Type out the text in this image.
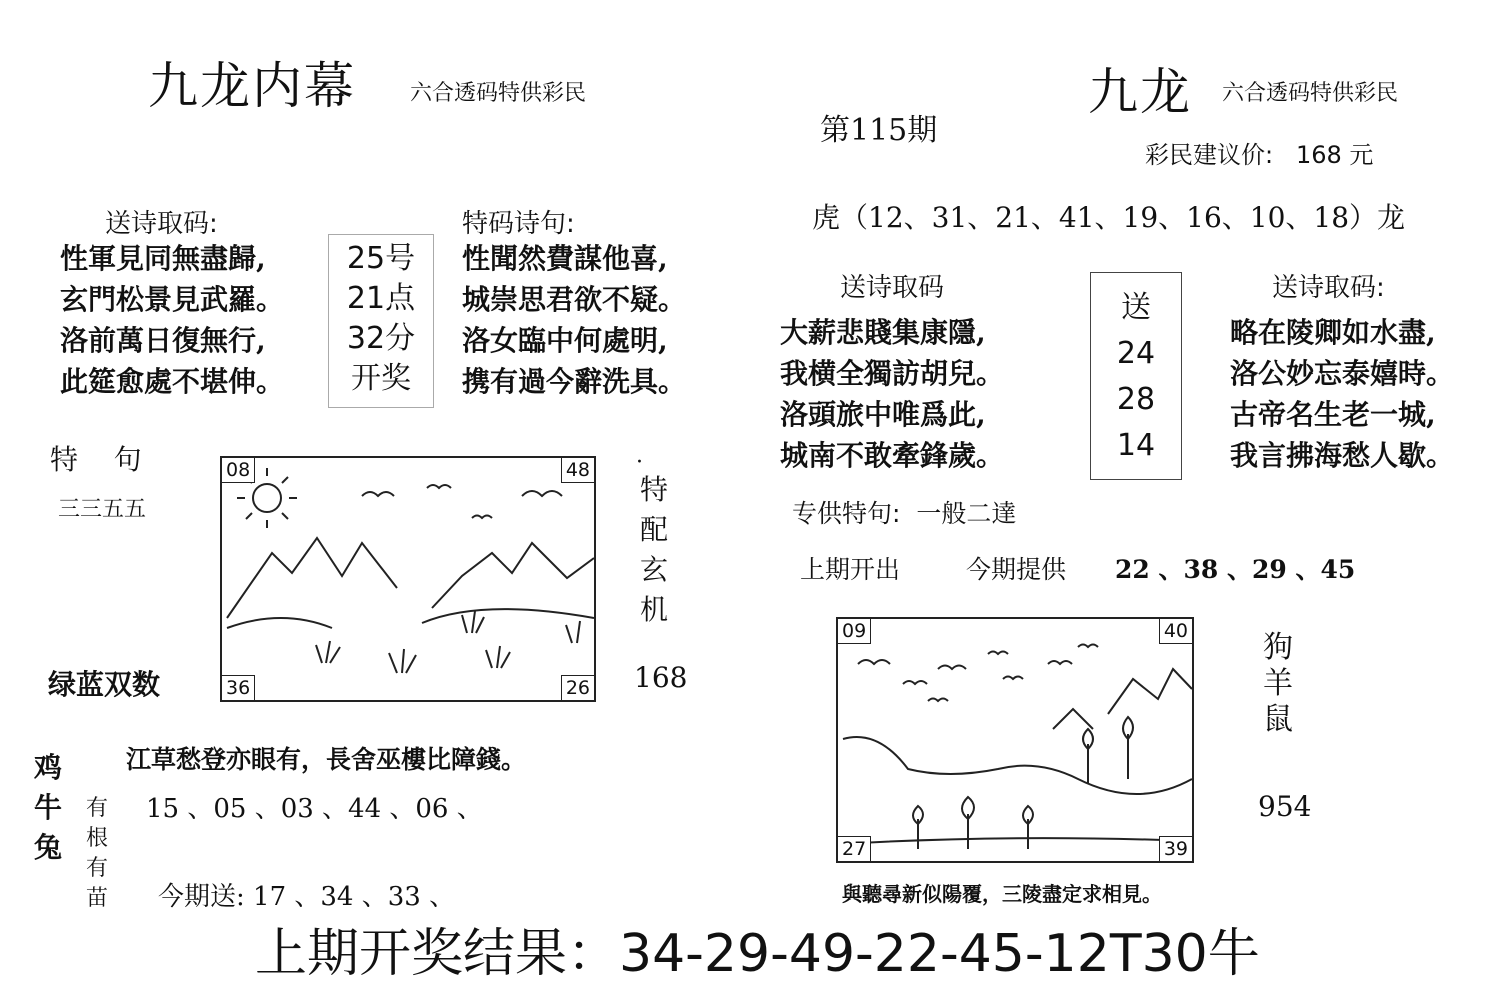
九龙内幕 六合透码特供彩民
送诗取码:
性軍見同無盡歸,
玄門松景見武羅。
洛前萬日復無行,
此筵愈處不堪伸。
25号
21点
32分
开奖
特码诗句:
性聞然費謀他喜,
城崇思君欲不疑。
洛女臨中何處明,
携有過今辭洗具。
特    句
三三五五
绿蓝双数
08	48
36	26
·
特
配
玄
机
168
江草愁登亦眼有，長舍巫樓比障錢。
鸡
牛
兔
有
根
有
苗
15 、05 、03 、44 、06 、
今期送: 17 、34 、33 、
第115期
九龙 六合透码特供彩民
彩民建议价:   168 元
虎（12、31、21、41、19、16、10、18）龙
送诗取码
大薪悲賤集康隱,
我横全獨訪胡兒。
洛頭旅中唯爲此,
城南不敢牽鋒歲。
送
24
28
14
送诗取码:
略在陵卿如水盡,
洛公妙忘泰嬉時。
古帝名生老一城,
我言拂海愁人歇。
专供特句:  一般二達
上期开出	今期提供 22 、38 、29 、45
09	40
27	39
狗
羊
鼠
954
與聽尋新似陽覆，三陵盡定求相見。
上期开奖结果：34-29-49-22-45-12T30牛
